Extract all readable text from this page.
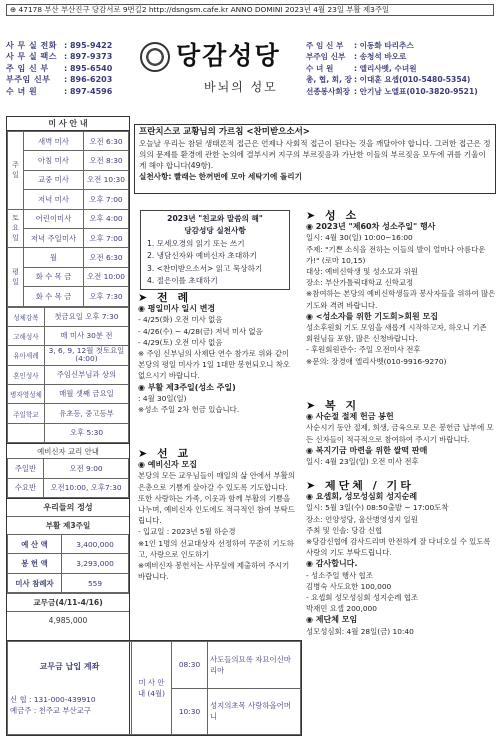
⊕ 47178 부산 부산진구 당감서로 9번길2 http://dsngsm.cafe.kr ANNO DOMINI 2023년 4월 23일 부활 제3주일
사 무 실 전화 : 895-9422
사 무 실 팩스 : 897-9373
주 임 신 부 : 895-6540
부주임 신부 : 896-6203
수 녀 원	: 897-4596
당감성당
바뇌의 성모
주 임 신 부 : 이동화 타리추스
부주임 신부 : 송청석 바오로
수 녀 원	: 엘리사벳, 수녀원
총, 협, 회, 장 : 이대훈 요셉(010-5480-5354)
선종봉사회장 : 안기남 노엘표(010-3820-9521)
미 사 안 내
주일	새벽 미사	오전 6:30
	아침 미사	오전 8:30
	교중 미사	오전 10:30
	저녁 미사	오후 7:00
토요일	어린이미사	오후 4:00
	저녁 주일미사	오후 7:00
평일	월	오전 6:30
	화 수 목 금	오전 10:00
	화 수 목 금	오후 7:30
성체강복	첫금요일 오후 7:30
고해성사	매 미사 30분 전
유아세례	3, 6, 9, 12월 첫토요일(4:00)
혼인성사	주임신부님과 상의
병자영성체	매월 셋째 금요일
주일학교	유초등, 중고등부
	오후 5:30
예비신자 교리 안내
주일반	오전 9:00
수요반	오전10:00, 오후7:30
우리들의 정성
부활 제3주일
예 산 액	3,400,000
봉 헌 액	3,293,000
미사 참례자	559
교무금(4/11-4/16)
4,985,000
프란치스코 교황님의 가르침 <찬미받으소서>
오늘날 우리는 참된 생태론적 접근은 언제나 사회적 접근이 된다는 것을 깨달아야 합니다. 그러한 접근은 정의의 문제를 환경에 관한 논의에 결부시켜 지구의 부르짖음과 가난한 이들의 부르짖음 모두에 귀를 기울이게 해야 합니다(49항).
실천사항: 빨래는 한꺼번에 모아 세탁기에 돌리기
2023년 "친교와 말씀의 해"
당감성당 실천사항
1. 모세오경의 읽기 또는 쓰기
2. 냉담신자와 예비신자 초대하기
3. <찬미받으소서> 읽고 묵상하기
4. 절은이를 초대하기
➤ 전 례
◉ 평일미사 일시 변경
- 4/25(화) 오전 미사 없음
- 4/26(수) ~ 4/28(금) 저녁 미사 없음
- 4/29(토) 오전 미사 없음
※ 주임 신부님의 사제단 연수 참가로 위와 같이 본당의 평일 미사가 1일 1대만 봉헌되오니 착오 없으시기 바랍니다.
◉ 부활 제3주일(성소 주일)
: 4월 30일(일)
※성소 주일 2차 헌금 있습니다.
➤ 선 교
◉ 예비신자 모집
본당의 모든 교우님들이 매일의 삶 안에서 부활의 은총으로 기쁨게 살아갈 수 있도록 기도합니다.
또한 사랑하는 가족, 이웃과 함께 부활의 기쁨을 나누며, 예비신자 인도에도 적극적인 참여 부탁드립니다.
- 입교일 : 2023년 5월 하순경
※1인 1명의 선교대상자 선정하여 꾸준히 기도하고, 사랑으로 인도하기
※예비신자 봉헌서는 사무실에 제출하여 주시기 바랍니다.
➤ 성 소
◉ 2023년 "제60차 성소주일" 행사
일시: 4월 30(일) 10:00~16:00
주제: "기쁜 소식을 전하는 이들의 발이 얼마나 아름다운가!" (로마 10,15)
대상: 예비신학생 및 성소묘과 위원
장소: 부산가톨릭대학교 신학교정
※참여하는 본당의 예비신학생들과 봉사자들을 위하여 많은 기도와 격려 바랍니다.
◉ <성소자를 위한 기도회>회원 모집
성소후원회 기도 모임을 새롭게 시작하고자, 하오니 기존 회원님들 포함, 많은 신청바랍니다.
- 후원회원관수: 주일 오전미사 전후
※문의: 장경애 엘리사벳(010-9916-9270)
➤ 복 지
◉ 사순절 절제 헌금 봉헌
사순시기 동안 절제, 희생, 금육으로 모은 봉헌금 납부에 모든 신자들이 적극적으로 참여하여 주시기 바랍니다.
◉ 복지기금 마련을 위한 쌀떡 판매
일시: 4월 23일(일) 오전 미사 전후
➤ 제단체 / 기타
◉ 요셉회, 성모성심회 성지순례
일시: 5월 3일(수) 08:50출발 ~ 17:00도착
장소: 언양성당, 울산병영성지 일원
주최 및 인솔: 당감 신협
※당감신협에 감사드리며 안전하게 잘 다녀오실 수 있도록 사랑의 기도 부탁드립니다.
◉ 감사합니다.
- 성소주일 행사 협조
김병숙 사도요한 100,000
- 요셉회 성모성심회 성지순례 협조
박재민 요셉 200,000
◉ 제단체 모임
성모성심회: 4월 28일(금) 10:40
교무금 납입 계좌
신 협 : 131-000-439910
예금주 : 천주교 부산교구	미 사 안 내 (4월)	08:30	사도들의묘록 자묘이신마리아
		10:30	성지의초목 사랑하올어머니
